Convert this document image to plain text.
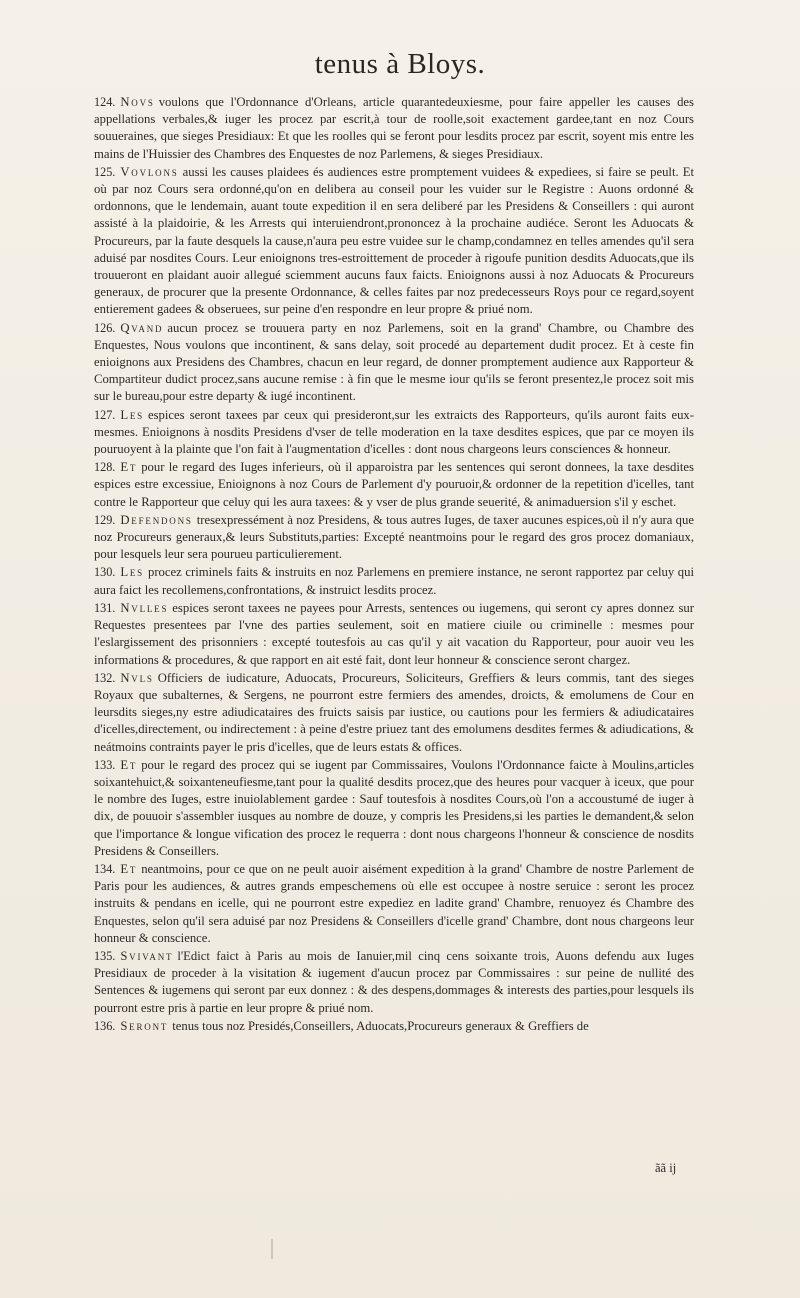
tenus à Bloys.

124. Novs voulons que l'Ordonnance d'Orleans, article quarantedeuxiesme, pour faire appeller les causes des appellations verbales,& iuger les procez par escrit,à tour de roolle,soit exactement gardee,tant en noz Cours souueraines, que sieges Presidiaux: Et que les roolles qui se feront pour lesdits procez par escrit, soyent mis entre les mains de l'Huissier des Chambres des Enquestes de noz Parlemens, & sieges Presidiaux.

125. Vovlons aussi les causes plaidees és audiences estre promptement vuidees & expediees, si faire se peult. Et où par noz Cours sera ordonné,qu'on en delibera au conseil pour les vuider sur le Registre : Auons ordonné & ordonnons, que le lendemain, auant toute expedition il en sera deliberé par les Presidens & Conseillers : qui auront assisté à la plaidoirie, & les Arrests qui interuiendront,prononcez à la prochaine audiéce. Seront les Aduocats & Procureurs, par la faute desquels la cause,n'aura peu estre vuidee sur le champ,condamnez en telles amendes qu'il sera aduisé par nosdites Cours. Leur enioignons tres-estroittement de proceder à rigoufe punition desdits Aduocats,que ils trouueront en plaidant auoir allegué sciemment aucuns faux faicts. Enioignons aussi à noz Aduocats & Procureurs generaux, de procurer que la presente Ordonnance, & celles faites par noz predecesseurs Roys pour ce regard,soyent entierement gadees & obseruees, sur peine d'en respondre en leur propre & priué nom.

126. Qvand aucun procez se trouuera party en noz Parlemens, soit en la grand' Chambre, ou Chambre des Enquestes, Nous voulons que incontinent, & sans delay, soit procedé au departement dudit procez. Et à ceste fin enioignons aux Presidens des Chambres, chacun en leur regard, de donner promptement audience aux Rapporteur & Compartiteur dudict procez,sans aucune remise : à fin que le mesme iour qu'ils se feront presentez,le procez soit mis sur le bureau,pour estre departy & iugé incontinent.

127. Les espices seront taxees par ceux qui presideront,sur les extraicts des Rapporteurs, qu'ils auront faits eux-mesmes. Enioignons à nosdits Presidens d'vser de telle moderation en la taxe desdites espices, que par ce moyen ils pouruoyent à la plainte que l'on fait à l'augmentation d'icelles : dont nous chargeons leurs consciences & honneur.

128. Et pour le regard des Iuges inferieurs, où il apparoistra par les sentences qui seront donnees, la taxe desdites espices estre excessiue, Enioignons à noz Cours de Parlement d'y pouruoir,& ordonner de la repetition d'icelles, tant contre le Rapporteur que celuy qui les aura taxees: & y vser de plus grande seuerité, & animaduersion s'il y eschet.

129. Defendons tresexpressément à noz Presidens, & tous autres Iuges, de taxer aucunes espices,où il n'y aura que noz Procureurs generaux,& leurs Substituts,parties: Excepté neantmoins pour le regard des gros procez domaniaux, pour lesquels leur sera pourueu particulierement.

130. Les procez criminels faits & instruits en noz Parlemens en premiere instance, ne seront rapportez par celuy qui aura faict les recollemens,confrontations, & instruict lesdits procez.

131. Nvlles espices seront taxees ne payees pour Arrests, sentences ou iugemens, qui seront cy apres donnez sur Requestes presentees par l'vne des parties seulement, soit en matiere ciuile ou criminelle : mesmes pour l'eslargissement des prisonniers : excepté toutesfois au cas qu'il y ait vacation du Rapporteur, pour auoir veu les informations & procedures, & que rapport en ait esté fait, dont leur honneur & conscience seront chargez.

132. Nvls Officiers de iudicature, Aduocats, Procureurs, Soliciteurs, Greffiers & leurs commis, tant des sieges Royaux que subalternes, & Sergens, ne pourront estre fermiers des amendes, droicts, & emolumens de Cour en leursdits sieges,ny estre adiudicataires des fruicts saisis par iustice, ou cautions pour les fermiers & adiudicataires d'icelles,directement, ou indirectement : à peine d'estre priuez tant des emolumens desdites fermes & adiudications, & neátmoins contraints payer le pris d'icelles, que de leurs estats & offices.

133. Et pour le regard des procez qui se iugent par Commissaires, Voulons l'Ordonnance faicte à Moulins,articles soixantehuict,& soixanteneufiesme,tant pour la qualité desdits procez,que des heures pour vacquer à iceux, que pour le nombre des Iuges, estre inuiolablement gardee : Sauf toutesfois à nosdites Cours,où l'on a accoustumé de iuger à dix, de pouuoir s'assembler iusques au nombre de douze, y compris les Presidens,si les parties le demandent,& selon que l'importance & longue vification des procez le requerra : dont nous chargeons l'honneur & conscience de nosdits Presidens & Conseillers.

134. Et neantmoins, pour ce que on ne peult auoir aisément expedition à la grand' Chambre de nostre Parlement de Paris pour les audiences, & autres grands empeschemens où elle est occupee à nostre seruice : seront les procez instruits & pendans en icelle, qui ne pourront estre expediez en ladite grand' Chambre, renuoyez és Chambre des Enquestes, selon qu'il sera aduisé par noz Presidens & Conseillers d'icelle grand' Chambre, dont nous chargeons leur honneur & conscience.

135. Svivant l'Edict faict à Paris au mois de Ianuier,mil cinq cens soixante trois, Auons defendu aux Iuges Presidiaux de proceder à la visitation & iugement d'aucun procez par Commissaires : sur peine de nullité des Sentences & iugemens qui seront par eux donnez : & des despens,dommages & interests des parties,pour lesquels ils pourront estre pris à partie en leur propre & priué nom.

136. Seront tenus tous noz Presidés,Conseillers, Aduocats,Procureurs generaux & Greffiers de

ãã ij
